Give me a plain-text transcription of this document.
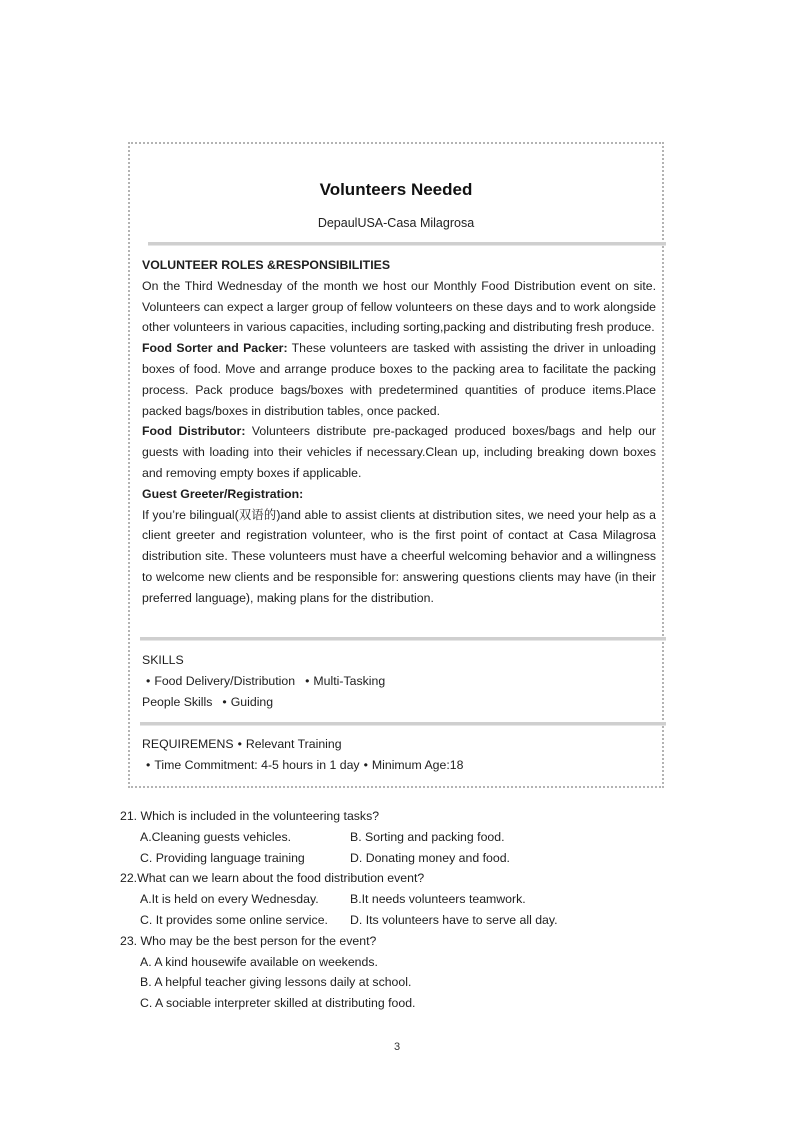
Volunteers Needed
DepaulUSA-Casa Milagrosa
VOLUNTEER ROLES &RESPONSIBILITIES
On the Third Wednesday of the month we host our Monthly Food Distribution event on site. Volunteers can expect a larger group of fellow volunteers on these days and to work alongside other volunteers in various capacities, including sorting,packing and distributing fresh produce.
Food Sorter and Packer: These volunteers are tasked with assisting the driver in unloading boxes of food. Move and arrange produce boxes to the packing area to facilitate the packing process. Pack produce bags/boxes with predetermined quantities of produce items.Place packed bags/boxes in distribution tables, once packed.
Food Distributor: Volunteers distribute pre-packaged produced boxes/bags and help our guests with loading into their vehicles if necessary.Clean up, including breaking down boxes and removing empty boxes if applicable.
Guest Greeter/Registration:
If you’re bilingual(双语的)and able to assist clients at distribution sites, we need your help as a client greeter and registration volunteer, who is the first point of contact at Casa Milagrosa distribution site. These volunteers must have a cheerful welcoming behavior and a willingness to welcome new clients and be responsible for: answering questions clients may have (in their preferred language), making plans for the distribution.
SKILLS
• Food Delivery/Distribution • Multi-Tasking
People Skills • Guiding
REQUIREMENS • Relevant Training
• Time Commitment: 4-5 hours in 1 day • Minimum Age:18
21. Which is included in the volunteering tasks?
A.Cleaning guests vehicles.	B. Sorting and packing food.
C. Providing language training	D. Donating money and food.
22.What can we learn about the food distribution event?
A.It is held on every Wednesday.	B.It needs volunteers teamwork.
C. It provides some online service.	D. Its volunteers have to serve all day.
23. Who may be the best person for the event?
A. A kind housewife available on weekends.
B. A helpful teacher giving lessons daily at school.
C. A sociable interpreter skilled at distributing food.
3
